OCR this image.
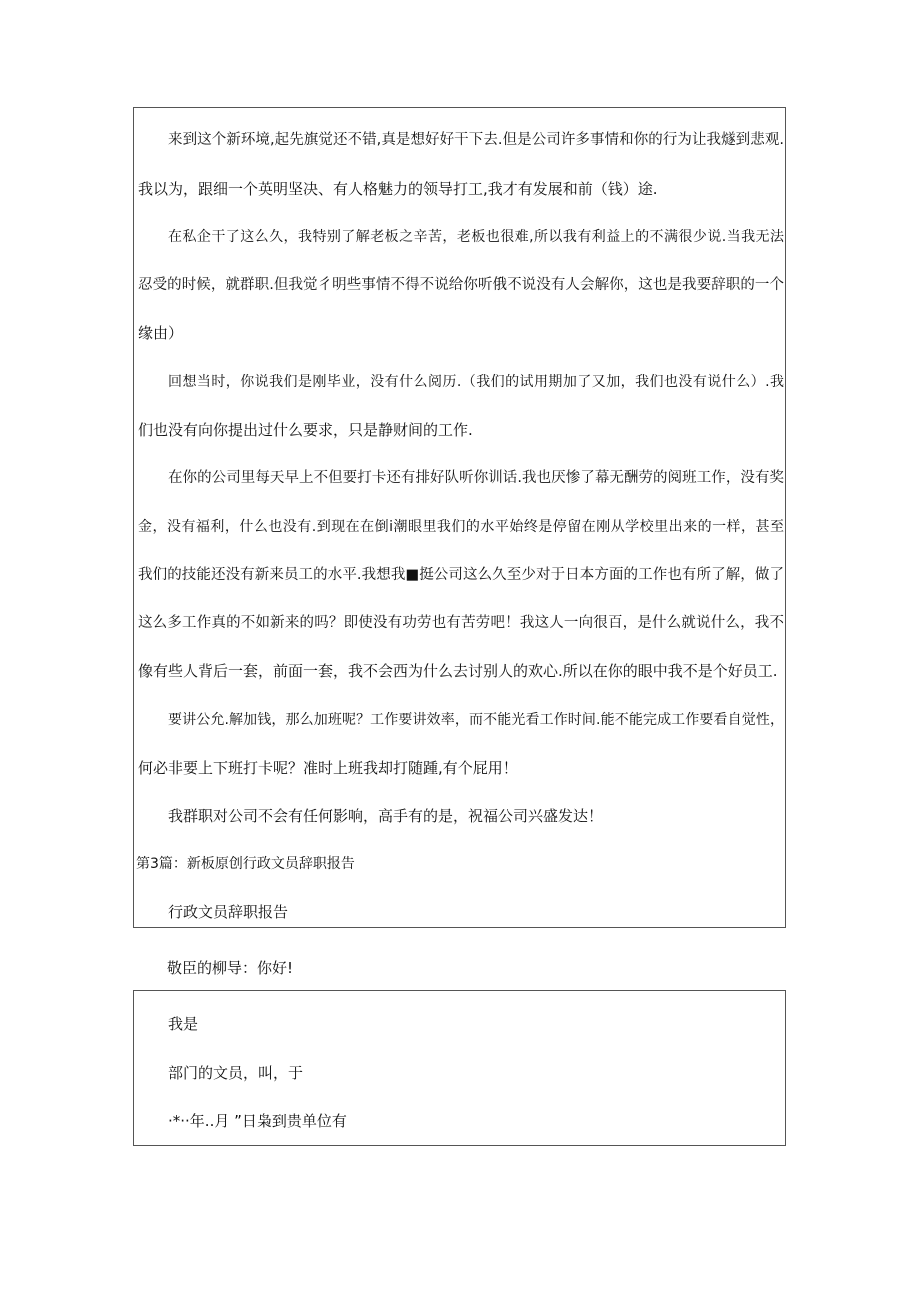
来到这个新环境,起先旗觉还不错,真是想好好干下去.但是公司许多事情和你的行为让我燧到悲观.
我以为，跟细一个英明坚决、有人格魅力的领导打工,我才有发展和前（钱）途.
在私企干了这么久，我特别了解老板之辛苦，老板也很难,所以我有利益上的不满很少说.当我无法
忍受的时候，就群职.但我觉彳明些事情不得不说给你听俄不说没有人会解你，这也是我要辞职的一个
缘由）
回想当时，你说我们是刚毕业，没有什么阅历.（我们的试用期加了又加，我们也没有说什么）.我
们也没有向你提出过什么要求，只是静财间的工作.
在你的公司里每天早上不但要打卡还有排好队听你训话.我也厌惨了幕无酬劳的阅班工作，没有奖
金，没有福利，什么也没有.到现在在倒i潮眼里我们的水平始终是停留在刚从学校里出来的一样，甚至
我们的技能还没有新来员工的水平.我想我■挺公司这么久至少对于日本方面的工作也有所了解，做了
这么多工作真的不如新来的吗？即使没有功劳也有苦劳吧！我这人一向很百，是什么就说什么，我不
像有些人背后一套，前面一套，我不会西为什么去讨别人的欢心.所以在你的眼中我不是个好员工.
要讲公允.解加钱，那么加班呢？工作要讲效率，而不能光看工作时间.能不能完成工作要看自觉性，
何必非要上下班打卡呢？准时上班我却打随踵,有个屁用！
我群职对公司不会有任何影响，高手有的是，祝福公司兴盛发达！
第3篇：新板原创行政文员辞职报告
行政文员辞职报告
敬臣的柳导：你好!
我是
部门的文员，叫，于
·*··年..月 ”日枭到贵单位有
